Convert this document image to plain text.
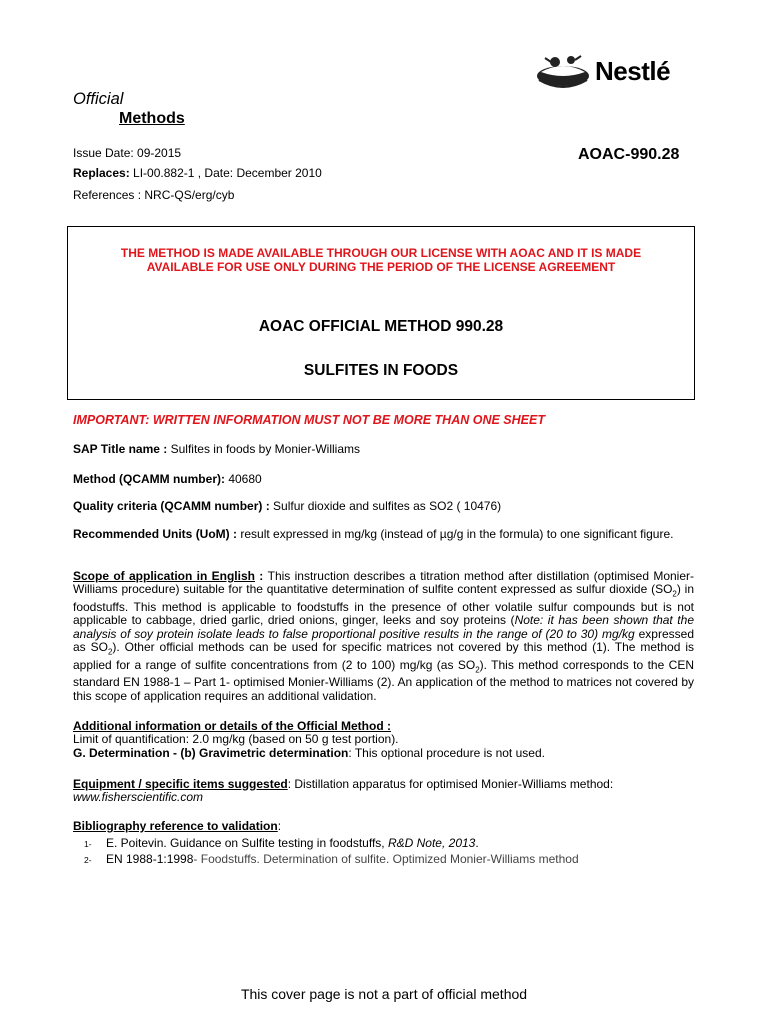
Nestlé
Official
Methods
Issue Date: 09-2015
Replaces: LI-00.882-1 , Date: December 2010
References : NRC-QS/erg/cyb
AOAC-990.28
THE METHOD IS MADE AVAILABLE THROUGH OUR LICENSE WITH AOAC AND IT IS MADE
AVAILABLE FOR USE ONLY DURING THE PERIOD OF THE LICENSE AGREEMENT
AOAC OFFICIAL METHOD 990.28
SULFITES IN FOODS
IMPORTANT: WRITTEN INFORMATION MUST NOT BE MORE THAN ONE SHEET
SAP Title name : Sulfites in foods by Monier-Williams
Method (QCAMM number): 40680
Quality criteria (QCAMM number) : Sulfur dioxide and sulfites as SO2 ( 10476)
Recommended Units (UoM) : result expressed in mg/kg (instead of µg/g in the formula) to one significant figure.
Scope of application in English : This instruction describes a titration method after distillation (optimised Monier-Williams procedure) suitable for the quantitative determination of sulfite content expressed as sulfur dioxide $(SO_2)$ in foodstuffs. This method is applicable to foodstuffs in the presence of other volatile sulfur compounds but is not applicable to cabbage, dried garlic, dried onions, ginger, leeks and soy proteins (Note: it has been shown that the analysis of soy protein isolate leads to false proportional positive results in the range of (20 to 30) mg/kg expressed as $SO_2$). Other official methods can be used for specific matrices not covered by this method (1). The method is applied for a range of sulfite concentrations from (2 to 100) mg/kg (as $SO_2$). This method corresponds to the CEN standard EN 1988-1 – Part 1- optimised Monier-Williams (2). An application of the method to matrices not covered by this scope of application requires an additional validation.
Additional information or details of the Official Method :
Limit of quantification: 2.0 mg/kg (based on 50 g test portion).
G. Determination - (b) Gravimetric determination: This optional procedure is not used.
Equipment / specific items suggested: Distillation apparatus for optimised Monier-Williams method:
www.fisherscientific.com
Bibliography reference to validation:
1- E. Poitevin. Guidance on Sulfite testing in foodstuffs, R&D Note, 2013.
2- EN 1988-1:1998- Foodstuffs. Determination of sulfite. Optimized Monier-Williams method
This cover page is not a part of official method
